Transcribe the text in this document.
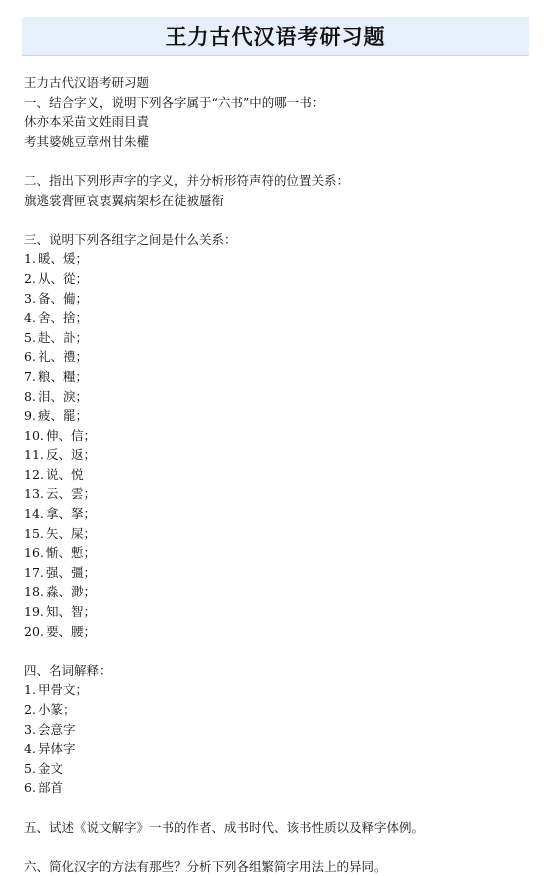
王力古代汉语考研习题
王力古代汉语考研习题
一、结合字义，说明下列各字属于“六书”中的哪一书：
休亦本采苗文姓雨目責
考其婆姚豆章州甘朱權
二、指出下列形声字的字义，并分析形符声符的位置关系：
旗逃裳膏匣哀衷翼病架杉在徒被蜃衔
三、说明下列各组字之间是什么关系：
1. 暖、煖；
2. 从、從；
3. 备、僃；
4. 舍、捨；
5. 赴、訃；
6. 礼、禮；
7. 粮、糧；
8. 泪、淚；
9. 疲、罷；
10. 伸、信；
11. 反、返；
12. 说、悦
13. 云、雲；
14. 拿、拏；
15. 矢、屎；
16. 惭、慙；
17. 强、彊；
18. 淼、渺；
19. 知、智；
20. 要、腰；
四、名词解释：
1. 甲骨文；
2. 小篆；
3. 会意字
4. 异体字
5. 金文
6. 部首
五、试述《说文解字》一书的作者、成书时代、该书性质以及释字体例。
六、简化汉字的方法有那些？分析下列各组繁简字用法上的异同。
